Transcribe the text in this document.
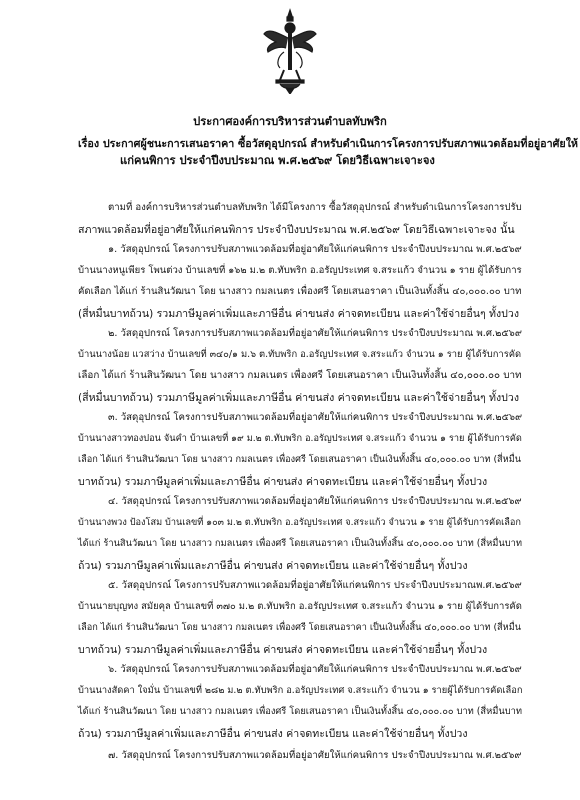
ประกาศองค์การบริหารส่วนตำบลทับพริก
เรื่อง ประกาศผู้ชนะการเสนอราคา ซื้อวัสดุอุปกรณ์ สำหรับดำเนินการโครงการปรับสภาพแวดล้อมที่อยู่อาศัยให้
แก่คนพิการ ประจำปีงบประมาณ พ.ศ.๒๕๖๙ โดยวิธีเฉพาะเจาะจง
ตามที่ องค์การบริหารส่วนตำบลทับพริก ได้มีโครงการ ซื้อวัสดุอุปกรณ์ สำหรับดำเนินการโครงการปรับ
สภาพแวดล้อมที่อยู่อาศัยให้แก่คนพิการ ประจำปีงบประมาณ พ.ศ.๒๕๖๙ โดยวิธีเฉพาะเจาะจง นั้น
๑. วัสดุอุปกรณ์ โครงการปรับสภาพแวดล้อมที่อยู่อาศัยให้แก่คนพิการ ประจำปีงบประมาณ พ.ศ.๒๕๖๙
บ้านนางหนูเพียร โพนต่วง บ้านเลขที่ ๑๖๒ ม.๒ ต.ทับพริก อ.อรัญประเทศ จ.สระแก้ว จำนวน ๑ ราย ผู้ได้รับการ
คัดเลือก ได้แก่ ร้านสินวัฒนา โดย นางสาว กมลเนตร เพื่องศรี โดยเสนอราคา เป็นเงินทั้งสิ้น ๔๐,๐๐๐.๐๐ บาท
(สี่หมื่นบาทถ้วน) รวมภาษีมูลค่าเพิ่มและภาษีอื่น ค่าขนส่ง ค่าจดทะเบียน และค่าใช้จ่ายอื่นๆ ทั้งปวง
๒. วัสดุอุปกรณ์ โครงการปรับสภาพแวดล้อมที่อยู่อาศัยให้แก่คนพิการ ประจำปีงบประมาณ พ.ศ.๒๕๖๙
บ้านนางน้อย แวสว่าง บ้านเลขที่ ๓๔๐/๑ ม.๖ ต.ทับพริก อ.อรัญประเทศ จ.สระแก้ว จำนวน ๑ ราย ผู้ได้รับการคัด
เลือก ได้แก่ ร้านสินวัฒนา โดย นางสาว กมลเนตร เพื่องศรี โดยเสนอราคา เป็นเงินทั้งสิ้น ๔๐,๐๐๐.๐๐ บาท
(สี่หมื่นบาทถ้วน) รวมภาษีมูลค่าเพิ่มและภาษีอื่น ค่าขนส่ง ค่าจดทะเบียน และค่าใช้จ่ายอื่นๆ ทั้งปวง
๓. วัสดุอุปกรณ์ โครงการปรับสภาพแวดล้อมที่อยู่อาศัยให้แก่คนพิการ ประจำปีงบประมาณ พ.ศ.๒๕๖๙
บ้านนางสาวทองปอน จันคำ บ้านเลขที่ ๑๙ ม.๒ ต.ทับพริก อ.อรัญประเทศ จ.สระแก้ว จำนวน ๑ ราย ผู้ได้รับการคัด
เลือก ได้แก่ ร้านสินวัฒนา โดย นางสาว กมลเนตร เพื่องศรี โดยเสนอราคา เป็นเงินทั้งสิ้น ๔๐,๐๐๐.๐๐ บาท (สี่หมื่น
บาทถ้วน) รวมภาษีมูลค่าเพิ่มและภาษีอื่น ค่าขนส่ง ค่าจดทะเบียน และค่าใช้จ่ายอื่นๆ ทั้งปวง
๔. วัสดุอุปกรณ์ โครงการปรับสภาพแวดล้อมที่อยู่อาศัยให้แก่คนพิการ ประจำปีงบประมาณ พ.ศ.๒๕๖๙
บ้านนางพวง ป้องโสม บ้านเลขที่ ๑๐๓ ม.๒ ต.ทับพริก อ.อรัญประเทศ จ.สระแก้ว จำนวน ๑ ราย ผู้ได้รับการคัดเลือก
ได้แก่ ร้านสินวัฒนา โดย นางสาว กมลเนตร เพื่องศรี โดยเสนอราคา เป็นเงินทั้งสิ้น ๔๐,๐๐๐.๐๐ บาท (สี่หมื่นบาท
ถ้วน) รวมภาษีมูลค่าเพิ่มและภาษีอื่น ค่าขนส่ง ค่าจดทะเบียน และค่าใช้จ่ายอื่นๆ ทั้งปวง
๕. วัสดุอุปกรณ์ โครงการปรับสภาพแวดล้อมที่อยู่อาศัยให้แก่คนพิการ ประจำปีงบประมาณพ.ศ.๒๕๖๙
บ้านนายบุญทง สมัยคุล บ้านเลขที่ ๓๗๐ ม.๒ ต.ทับพริก อ.อรัญประเทศ จ.สระแก้ว จำนวน ๑ ราย ผู้ได้รับการคัด
เลือก ได้แก่ ร้านสินวัฒนา โดย นางสาว กมลเนตร เพื่องศรี โดยเสนอราคา เป็นเงินทั้งสิ้น ๔๐,๐๐๐.๐๐ บาท (สี่หมื่น
บาทถ้วน) รวมภาษีมูลค่าเพิ่มและภาษีอื่น ค่าขนส่ง ค่าจดทะเบียน และค่าใช้จ่ายอื่นๆ ทั้งปวง
๖. วัสดุอุปกรณ์ โครงการปรับสภาพแวดล้อมที่อยู่อาศัยให้แก่คนพิการ ประจำปีงบประมาณ พ.ศ.๒๕๖๙
บ้านนางสัดคา ใจมั่น บ้านเลขที่ ๒๘๒ ม.๒ ต.ทับพริก อ.อรัญประเทศ จ.สระแก้ว จำนวน ๑ รายผู้ได้รับการคัดเลือก
ได้แก่ ร้านสินวัฒนา โดย นางสาว กมลเนตร เพื่องศรี โดยเสนอราคา เป็นเงินทั้งสิ้น ๔๐,๐๐๐.๐๐ บาท (สี่หมื่นบาท
ถ้วน) รวมภาษีมูลค่าเพิ่มและภาษีอื่น ค่าขนส่ง ค่าจดทะเบียน และค่าใช้จ่ายอื่นๆ ทั้งปวง
๗. วัสดุอุปกรณ์ โครงการปรับสภาพแวดล้อมที่อยู่อาศัยให้แก่คนพิการ ประจำปีงบประมาณ พ.ศ.๒๕๖๙
